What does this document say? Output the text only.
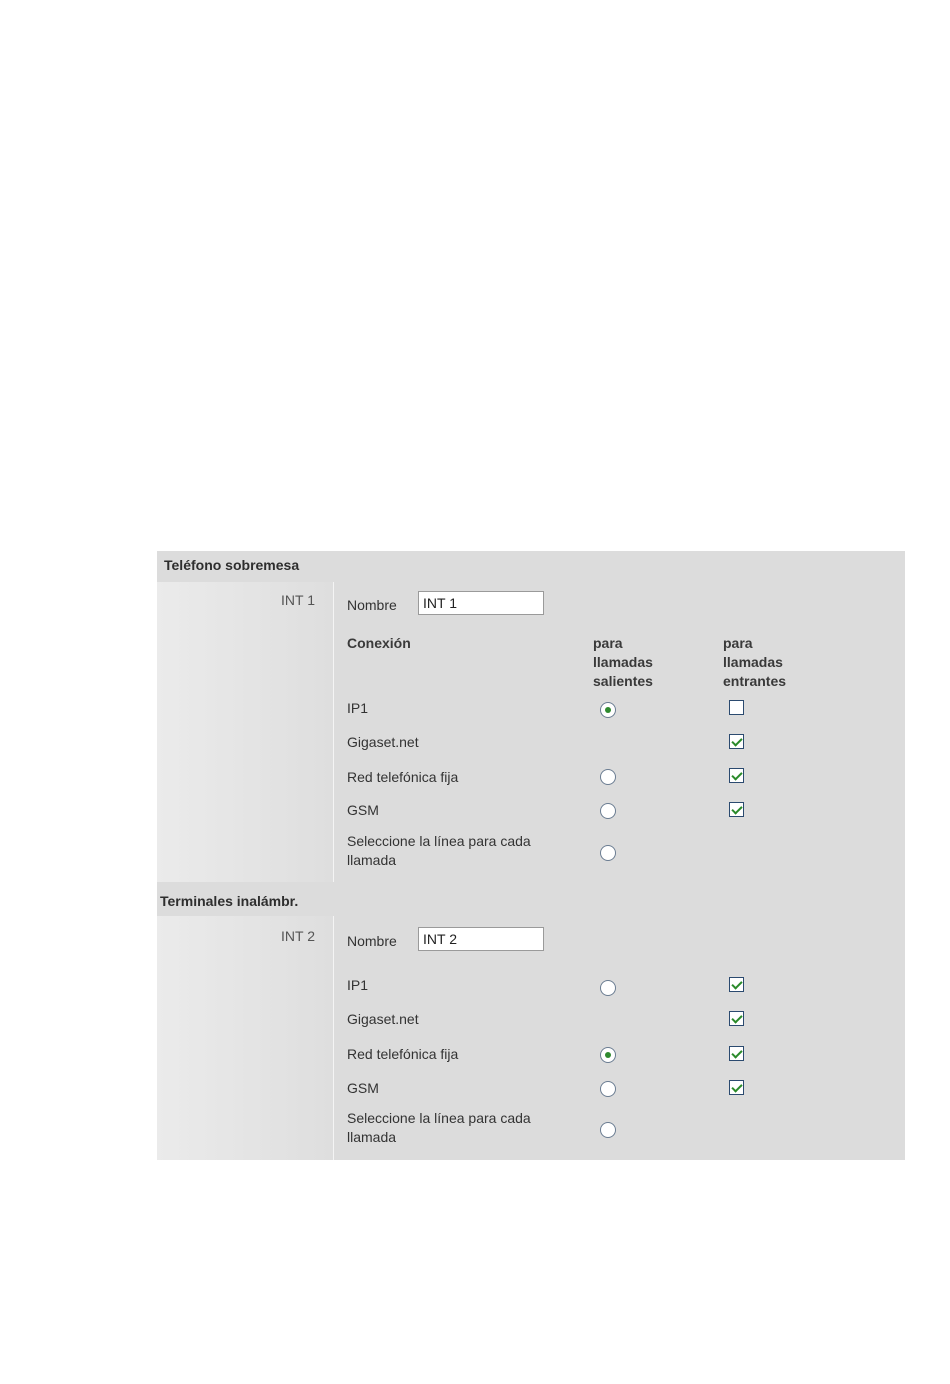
Teléfono sobremesa
INT 1 Nombre
INT 1
Conexión	para
llamadas
salientes
para
llamadas
entrantes
IP1
Gigaset.net
Red telefónica fija
GSM
Seleccione la línea para cada
llamada
Terminales inalámbr.
INT 2 Nombre
INT 2
IP1
Gigaset.net
Red telefónica fija
GSM
Seleccione la línea para cada
llamada
